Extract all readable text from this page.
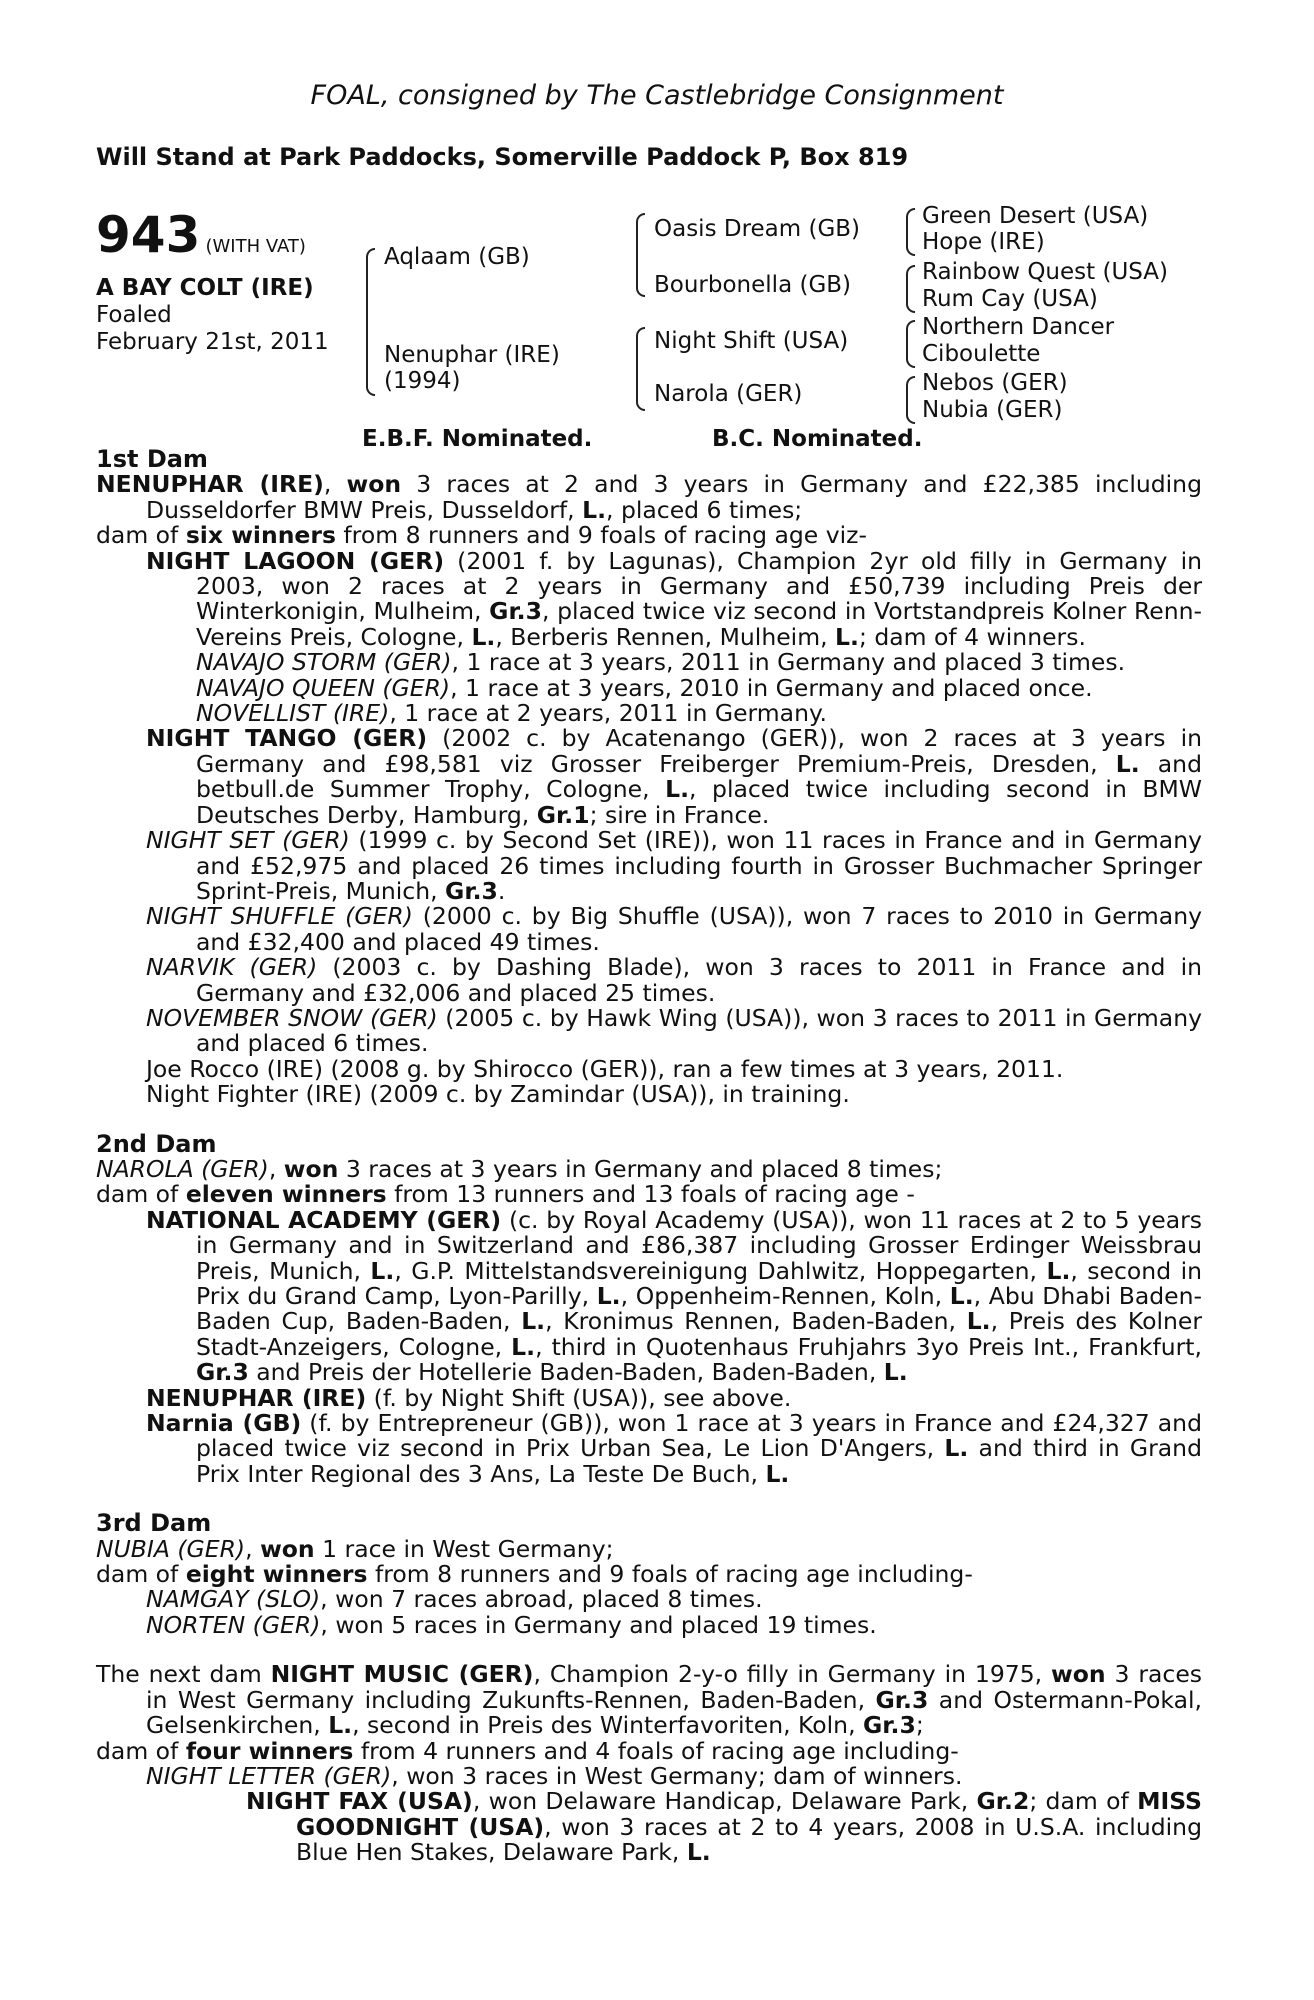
FOAL, consigned by The Castlebridge Consignment
Will Stand at Park Paddocks, Somerville Paddock P, Box 819
943 (WITH VAT)
A BAY COLT (IRE)
Foaled
February 21st, 2011
Aqlaam (GB)
Nenuphar (IRE)
(1994)
Oasis Dream (GB)
Bourbonella (GB)
Night Shift (USA)
Narola (GER)
Green Desert (USA)
Hope (IRE)
Rainbow Quest (USA)
Rum Cay (USA)
Northern Dancer
Ciboulette
Nebos (GER)
Nubia (GER)
E.B.F. Nominated.	B.C. Nominated.

1st Dam

NENUPHAR (IRE), won 3 races at 2 and 3 years in Germany and £22,385 including Dusseldorfer BMW Preis, Dusseldorf, L., placed 6 times;

dam of six winners from 8 runners and 9 foals of racing age viz-

NIGHT LAGOON (GER) (2001 f. by Lagunas), Champion 2yr old filly in Germany in 2003, won 2 races at 2 years in Germany and £50,739 including Preis der Winterkonigin, Mulheim, Gr.3, placed twice viz second in Vortstandpreis Kolner Renn-Vereins Preis, Cologne, L., Berberis Rennen, Mulheim, L.; dam of 4 winners.

NAVAJO STORM (GER), 1 race at 3 years, 2011 in Germany and placed 3 times.

NAVAJO QUEEN (GER), 1 race at 3 years, 2010 in Germany and placed once.

NOVELLIST (IRE), 1 race at 2 years, 2011 in Germany.

NIGHT TANGO (GER) (2002 c. by Acatenango (GER)), won 2 races at 3 years in Germany and £98,581 viz Grosser Freiberger Premium-Preis, Dresden, L. and betbull.de Summer Trophy, Cologne, L., placed twice including second in BMW Deutsches Derby, Hamburg, Gr.1; sire in France.

NIGHT SET (GER) (1999 c. by Second Set (IRE)), won 11 races in France and in Germany and £52,975 and placed 26 times including fourth in Grosser Buchmacher Springer Sprint-Preis, Munich, Gr.3.

NIGHT SHUFFLE (GER) (2000 c. by Big Shuffle (USA)), won 7 races to 2010 in Germany and £32,400 and placed 49 times.

NARVIK (GER) (2003 c. by Dashing Blade), won 3 races to 2011 in France and in Germany and £32,006 and placed 25 times.

NOVEMBER SNOW (GER) (2005 c. by Hawk Wing (USA)), won 3 races to 2011 in Germany and placed 6 times.

Joe Rocco (IRE) (2008 g. by Shirocco (GER)), ran a few times at 3 years, 2011.

Night Fighter (IRE) (2009 c. by Zamindar (USA)), in training.

2nd Dam

NAROLA (GER), won 3 races at 3 years in Germany and placed 8 times;

dam of eleven winners from 13 runners and 13 foals of racing age -

NATIONAL ACADEMY (GER) (c. by Royal Academy (USA)), won 11 races at 2 to 5 years in Germany and in Switzerland and £86,387 including Grosser Erdinger Weissbrau Preis, Munich, L., G.P. Mittelstandsvereinigung Dahlwitz, Hoppegarten, L., second in Prix du Grand Camp, Lyon-Parilly, L., Oppenheim-Rennen, Koln, L., Abu Dhabi Baden-Baden Cup, Baden-Baden, L., Kronimus Rennen, Baden-Baden, L., Preis des Kolner Stadt-Anzeigers, Cologne, L., third in Quotenhaus Fruhjahrs 3yo Preis Int., Frankfurt, Gr.3 and Preis der Hotellerie Baden-Baden, Baden-Baden, L.

NENUPHAR (IRE) (f. by Night Shift (USA)), see above.

Narnia (GB) (f. by Entrepreneur (GB)), won 1 race at 3 years in France and £24,327 and placed twice viz second in Prix Urban Sea, Le Lion D'Angers, L. and third in Grand Prix Inter Regional des 3 Ans, La Teste De Buch, L.

3rd Dam

NUBIA (GER), won 1 race in West Germany;

dam of eight winners from 8 runners and 9 foals of racing age including-

NAMGAY (SLO), won 7 races abroad, placed 8 times.

NORTEN (GER), won 5 races in Germany and placed 19 times.

The next dam NIGHT MUSIC (GER), Champion 2-y-o filly in Germany in 1975, won 3 races in West Germany including Zukunfts-Rennen, Baden-Baden, Gr.3 and Ostermann-Pokal, Gelsenkirchen, L., second in Preis des Winterfavoriten, Koln, Gr.3;

dam of four winners from 4 runners and 4 foals of racing age including-

NIGHT LETTER (GER), won 3 races in West Germany; dam of winners.

NIGHT FAX (USA), won Delaware Handicap, Delaware Park, Gr.2; dam of MISS GOODNIGHT (USA), won 3 races at 2 to 4 years, 2008 in U.S.A. including Blue Hen Stakes, Delaware Park, L.
